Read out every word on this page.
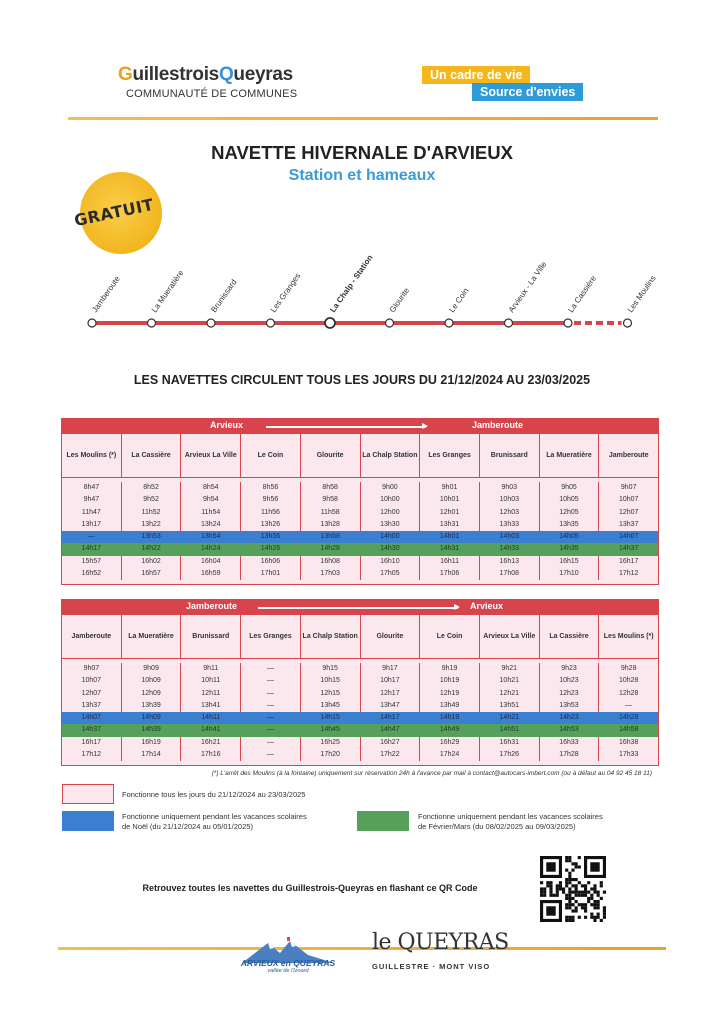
GuillestroisQueyras
COMMUNAUTÉ DE COMMUNES
Un cadre de vie
Source d'envies
NAVETTE HIVERNALE D'ARVIEUX
Station et hameaux
GRATUIT
Jamberoute	La Mueratière	Brunissard	Les Granges	La Chalp - Station Glourite	Le Coin	Arvieux - La Ville La Cassière	Les Moulins
LES NAVETTES CIRCULENT TOUS LES JOURS DU 21/12/2024 AU 23/03/2025
Arvieux	Jamberoute
Les Moulins (*)	La Cassière	Arvieux La Ville	Le Coin	Glourite	La Chalp Station	Les Granges	Brunissard	La Mueratière	Jamberoute
8h47	8h52	8h54	8h56	8h58	9h00	9h01	9h03	9h05	9h07
9h47	9h52	9h54	9h56	9h58	10h00	10h01	10h03	10h05	10h07
11h47	11h52	11h54	11h56	11h58	12h00	12h01	12h03	12h05	12h07
13h17	13h22	13h24	13h26	13h28	13h30	13h31	13h33	13h35	13h37
—	13h53	13h54	13h56	13h58	14h00	14h01	14h03	14h05	14h07
14h17	14h22	14h24	14h26	14h28	14h30	14h31	14h33	14h35	14h37
15h57	16h02	16h04	16h06	16h08	16h10	16h11	16h13	16h15	16h17
16h52	16h57	16h59	17h01	17h03	17h05	17h06	17h08	17h10	17h12
Jamberoute	Arvieux
Jamberoute	La Mueratière	Brunissard	Les Granges	La Chalp Station	Glourite	Le Coin	Arvieux La Ville	La Cassière	Les Moulins (*)
9h07	9h09	9h11	—	9h15	9h17	9h19	9h21	9h23	9h28
10h07	10h09	10h11	—	10h15	10h17	10h19	10h21	10h23	10h28
12h07	12h09	12h11	—	12h15	12h17	12h19	12h21	12h23	12h28
13h37	13h39	13h41	—	13h45	13h47	13h49	13h51	13h53	—
14h07	14h09	14h11	—	14h15	14h17	14h19	14h21	14h23	14h28
14h37	14h39	14h41	—	14h45	14h47	14h49	14h51	14h53	14h58
16h17	16h19	16h21	—	16h25	16h27	16h29	16h31	16h33	16h38
17h12	17h14	17h16	—	17h20	17h22	17h24	17h26	17h28	17h33
(*) L'arrêt des Moulins (à la fontaine) uniquement sur réservation 24h à l'avance par mail à contact@autocars-imbert.com (ou à défaut au 04 92 45 18 11)
Fonctionne tous les jours du 21/12/2024 au 23/03/2025
Fonctionne uniquement pendant les vacances scolaires
de Noël (du 21/12/2024 au 05/01/2025)
Fonctionne uniquement pendant les vacances scolaires
de Février/Mars (du 08/02/2025 au 09/03/2025)
Retrouvez toutes les navettes du Guillestrois-Queyras en flashant ce QR Code
ARVIEUX en QUEYRAS
vallée de l'Izoard
le QUEYRAS
GUILLESTRE · MONT VISO
